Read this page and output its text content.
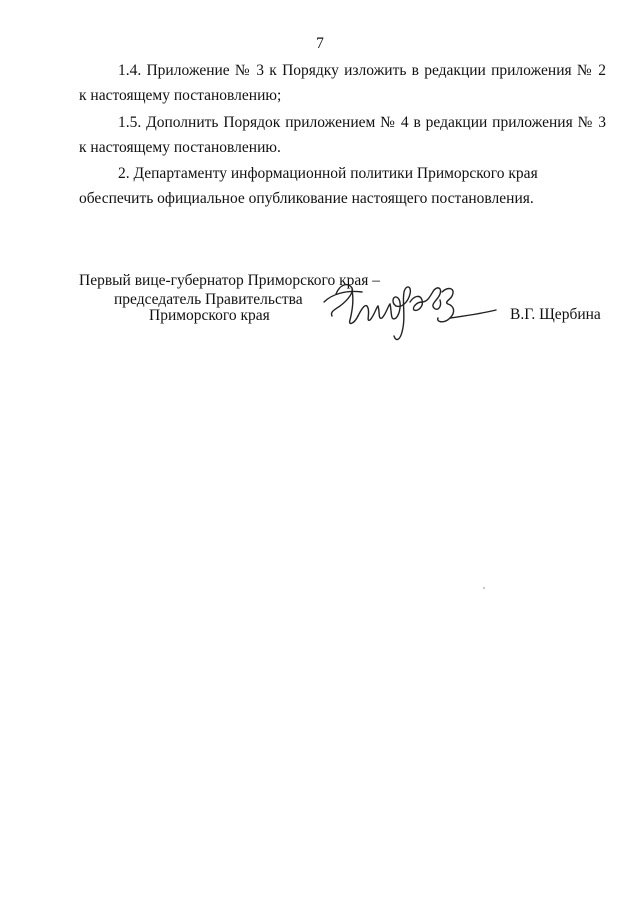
7
1.4. Приложение № 3 к Порядку изложить в редакции приложения № 2
к настоящему постановлению;
1.5. Дополнить Порядок приложением № 4 в редакции приложения № 3
к настоящему постановлению.
2. Департаменту информационной политики Приморского края
обеспечить официальное опубликование настоящего постановления.
Первый вице-губернатор Приморского края –
председатель Правительства
Приморского края	В.Г. Щербина
